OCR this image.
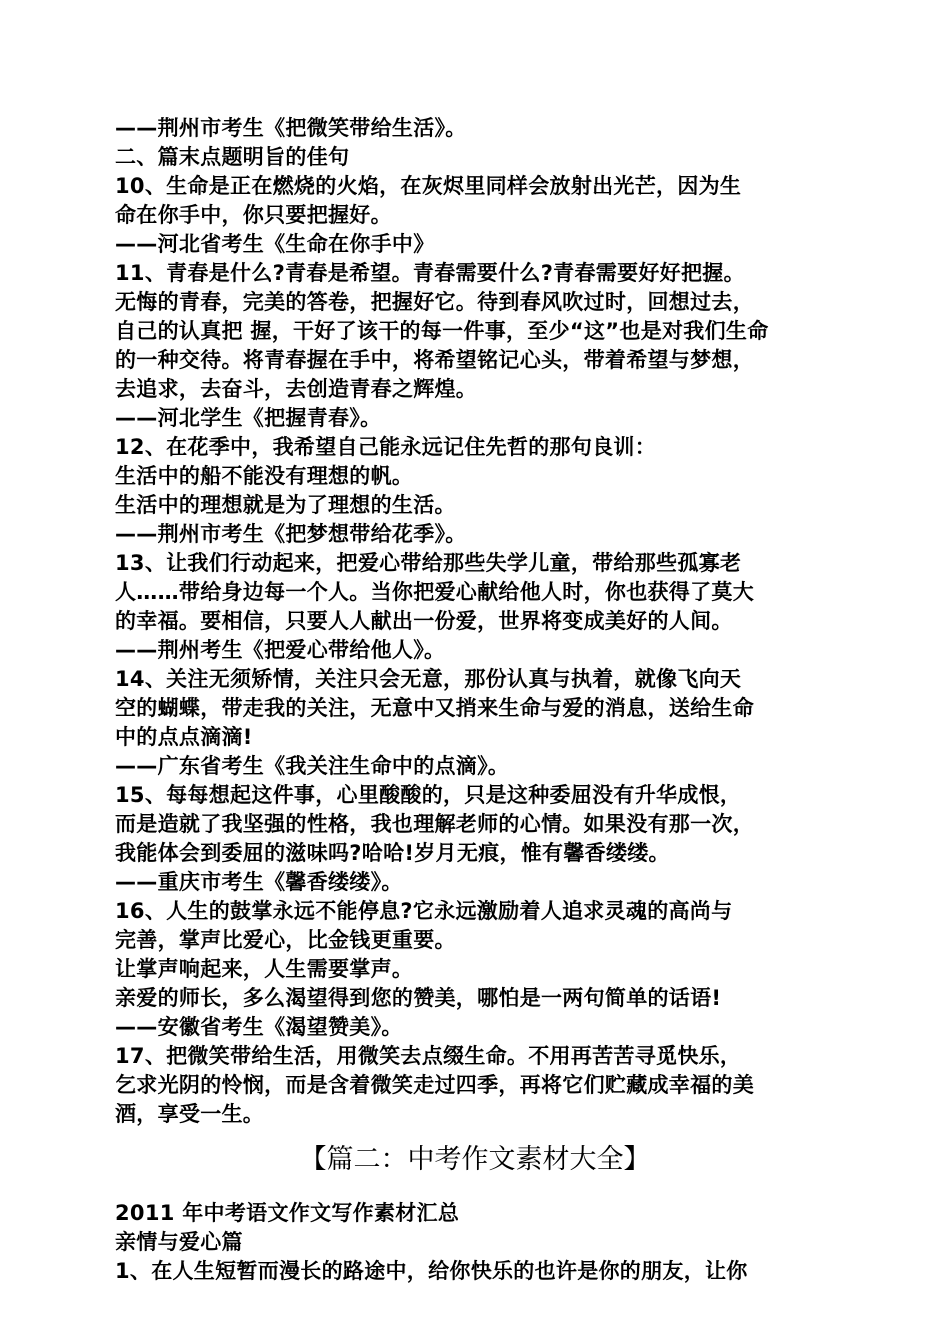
——荆州市考生《把微笑带给生活》。
二、篇末点题明旨的佳句
10、生命是正在燃烧的火焰，在灰烬里同样会放射出光芒，因为生
命在你手中，你只要把握好。
——河北省考生《生命在你手中》
11、青春是什么?青春是希望。青春需要什么?青春需要好好把握。
无悔的青春，完美的答卷，把握好它。待到春风吹过时，回想过去，
自己的认真把 握，干好了该干的每一件事，至少“这”也是对我们生命
的一种交待。将青春握在手中，将希望铭记心头，带着希望与梦想，
去追求，去奋斗，去创造青春之辉煌。
——河北学生《把握青春》。
12、在花季中，我希望自己能永远记住先哲的那句良训：
生活中的船不能没有理想的帆。
生活中的理想就是为了理想的生活。
——荆州市考生《把梦想带给花季》。
13、让我们行动起来，把爱心带给那些失学儿童，带给那些孤寡老
人……带给身边每一个人。当你把爱心献给他人时，你也获得了莫大
的幸福。要相信，只要人人献出一份爱，世界将变成美好的人间。
——荆州考生《把爱心带给他人》。
14、关注无须矫情，关注只会无意，那份认真与执着，就像飞向天
空的蝴蝶，带走我的关注，无意中又捎来生命与爱的消息，送给生命
中的点点滴滴!
——广东省考生《我关注生命中的点滴》。
15、每每想起这件事，心里酸酸的，只是这种委屈没有升华成恨，
而是造就了我坚强的性格，我也理解老师的心情。如果没有那一次，
我能体会到委屈的滋味吗?哈哈!岁月无痕，惟有馨香缕缕。
——重庆市考生《馨香缕缕》。
16、人生的鼓掌永远不能停息?它永远激励着人追求灵魂的高尚与
完善，掌声比爱心，比金钱更重要。
让掌声响起来，人生需要掌声。
亲爱的师长，多么渴望得到您的赞美，哪怕是一两句简单的话语!
——安徽省考生《渴望赞美》。
17、把微笑带给生活，用微笑去点缀生命。不用再苦苦寻觅快乐，
乞求光阴的怜悯，而是含着微笑走过四季，再将它们贮藏成幸福的美
酒，享受一生。
【篇二：中考作文素材大全】
2011 年中考语文作文写作素材汇总
亲情与爱心篇
1、在人生短暂而漫长的路途中，给你快乐的也许是你的朋友，让你
